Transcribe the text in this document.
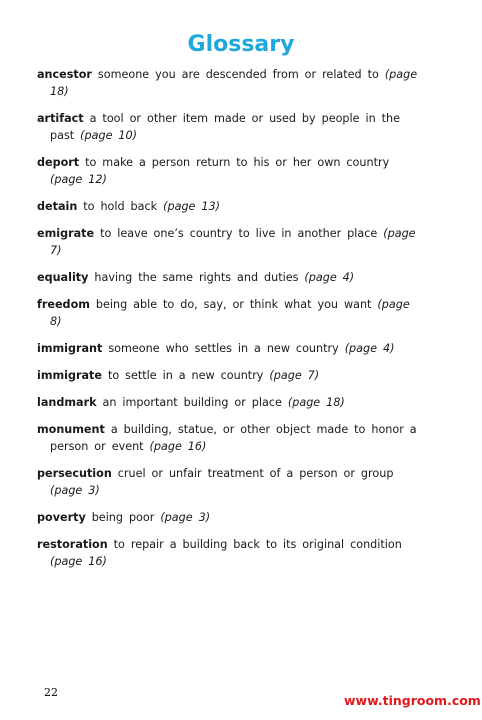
Glossary

ancestor someone you are descended from or related to (page 18)

artifact a tool or other item made or used by people in the past (page 10)

deport to make a person return to his or her own country (page 12)

detain to hold back (page 13)

emigrate to leave one’s country to live in another place (page 7)

equality having the same rights and duties (page 4)

freedom being able to do, say, or think what you want (page 8)

immigrant someone who settles in a new country (page 4)

immigrate to settle in a new country (page 7)

landmark an important building or place (page 18)

monument a building, statue, or other object made to honor a person or event (page 16)

persecution cruel or unfair treatment of a person or group (page 3)

poverty being poor (page 3)

restoration to repair a building back to its original condition (page 16)

22
www.tingroom.com
